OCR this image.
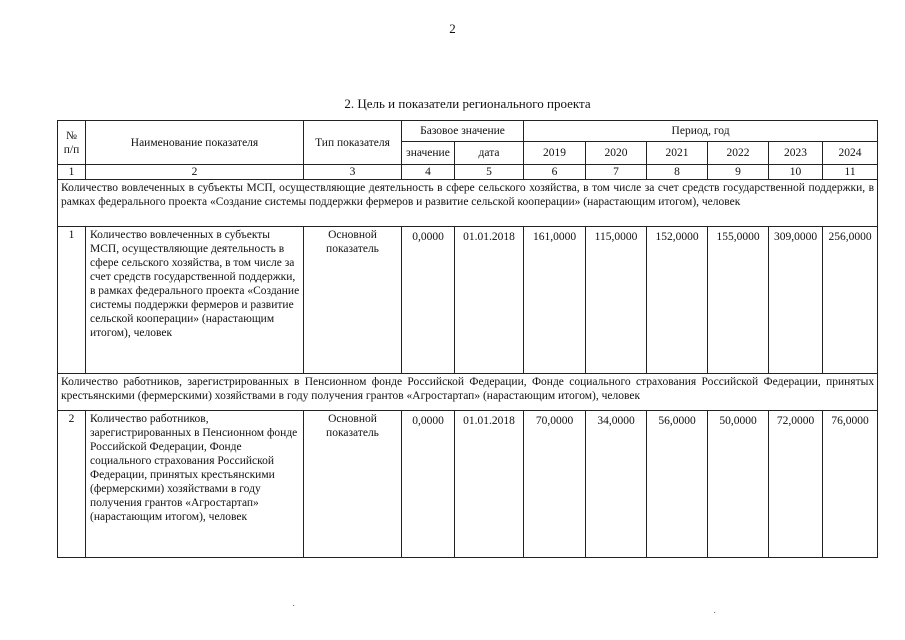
2
2. Цель и показатели регионального проекта
№ п/п	Наименование показателя	Тип показателя	Базовое значение		Период, год					
			значение	дата	2019	2020	2021	2022	2023	2024
1	2	3	4	5	6	7	8	9	10	11
Количество вовлеченных в субъекты МСП, осуществляющие деятельность в сфере сельского хозяйства, в том числе за счет средств государственной поддержки, в рамках федерального проекта «Создание системы поддержки фермеров и развитие сельской кооперации» (нарастающим итогом), человек										
1	Количество вовлеченных в субъекты МСП, осуществляющие деятельность в сфере сельского хозяйства, в том числе за счет средств государственной поддержки, в рамках федерального проекта «Создание системы поддержки фермеров и развитие сельской кооперации» (нарастающим итогом), человек	Основной показатель	0,0000	01.01.2018	161,0000	115,0000	152,0000	155,0000	309,0000	256,0000
Количество работников, зарегистрированных в Пенсионном фонде Российской Федерации, Фонде социального страхования Российской Федерации, принятых крестьянскими (фермерскими) хозяйствами в году получения грантов «Агростартап» (нарастающим итогом), человек										
2	Количество работников, зарегистрированных в Пенсионном фонде Российской Федерации, Фонде социального страхования Российской Федерации, принятых крестьянскими (фермерскими) хозяйствами в году получения грантов «Агростартап» (нарастающим итогом), человек	Основной показатель	0,0000	01.01.2018	70,0000	34,0000	56,0000	50,0000	72,0000	76,0000
˙
˙
